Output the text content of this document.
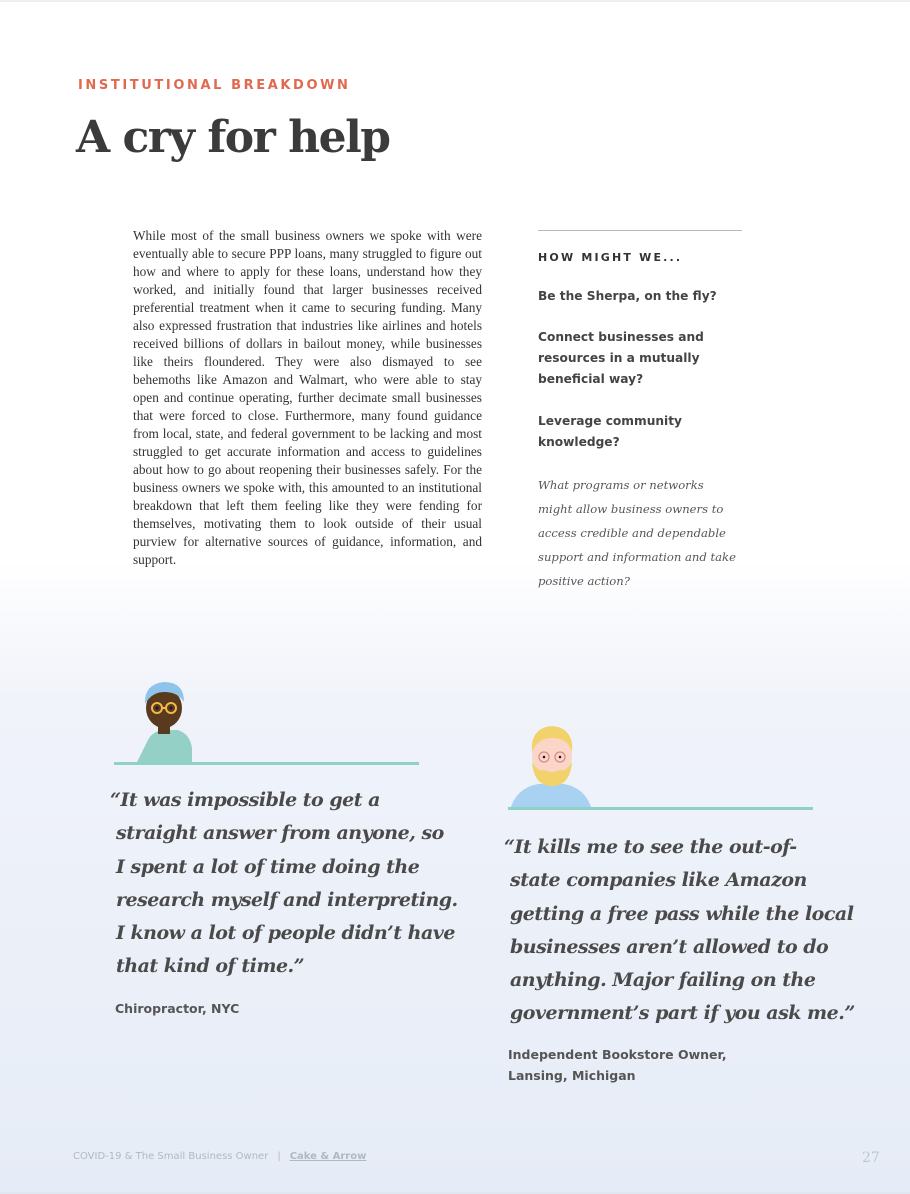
INSTITUTIONAL BREAKDOWN
A cry for help

While most of the small business owners we spoke with were eventually able to secure PPP loans, many struggled to figure out how and where to apply for these loans, understand how they worked, and initially found that larger businesses received preferential treatment when it came to securing funding. Many also expressed frustration that industries like airlines and hotels received billions of dollars in bailout money, while businesses like theirs floundered. They were also dismayed to see behemoths like Amazon and Walmart, who were able to stay open and continue operating, further decimate small businesses that were forced to close. Furthermore, many found guidance from local, state, and federal government to be lacking and most struggled to get accurate information and access to guidelines about how to go about reopening their businesses safely. For the business owners we spoke with, this amounted to an institutional breakdown that left them feeling like they were fending for themselves, motivating them to look outside of their usual purview for alternative sources of guidance, information, and support.

HOW MIGHT WE...
Be the Sherpa, on the fly?
Connect businesses and resources in a mutually beneficial way?
Leverage community knowledge?
What programs or networks might allow business owners to access credible and dependable support and information and take positive action?
“It was impossible to get a
straight answer from anyone, so
I spent a lot of time doing the
research myself and interpreting.
I know a lot of people didn’t have
that kind of time.”
Chiropractor, NYC
“It kills me to see the out-of-
state companies like Amazon
getting a free pass while the local
businesses aren’t allowed to do
anything. Major failing on the
government’s part if you ask me.”
Independent Bookstore Owner,
Lansing, Michigan
COVID-19 & The Small Business Owner | Cake & Arrow	27
